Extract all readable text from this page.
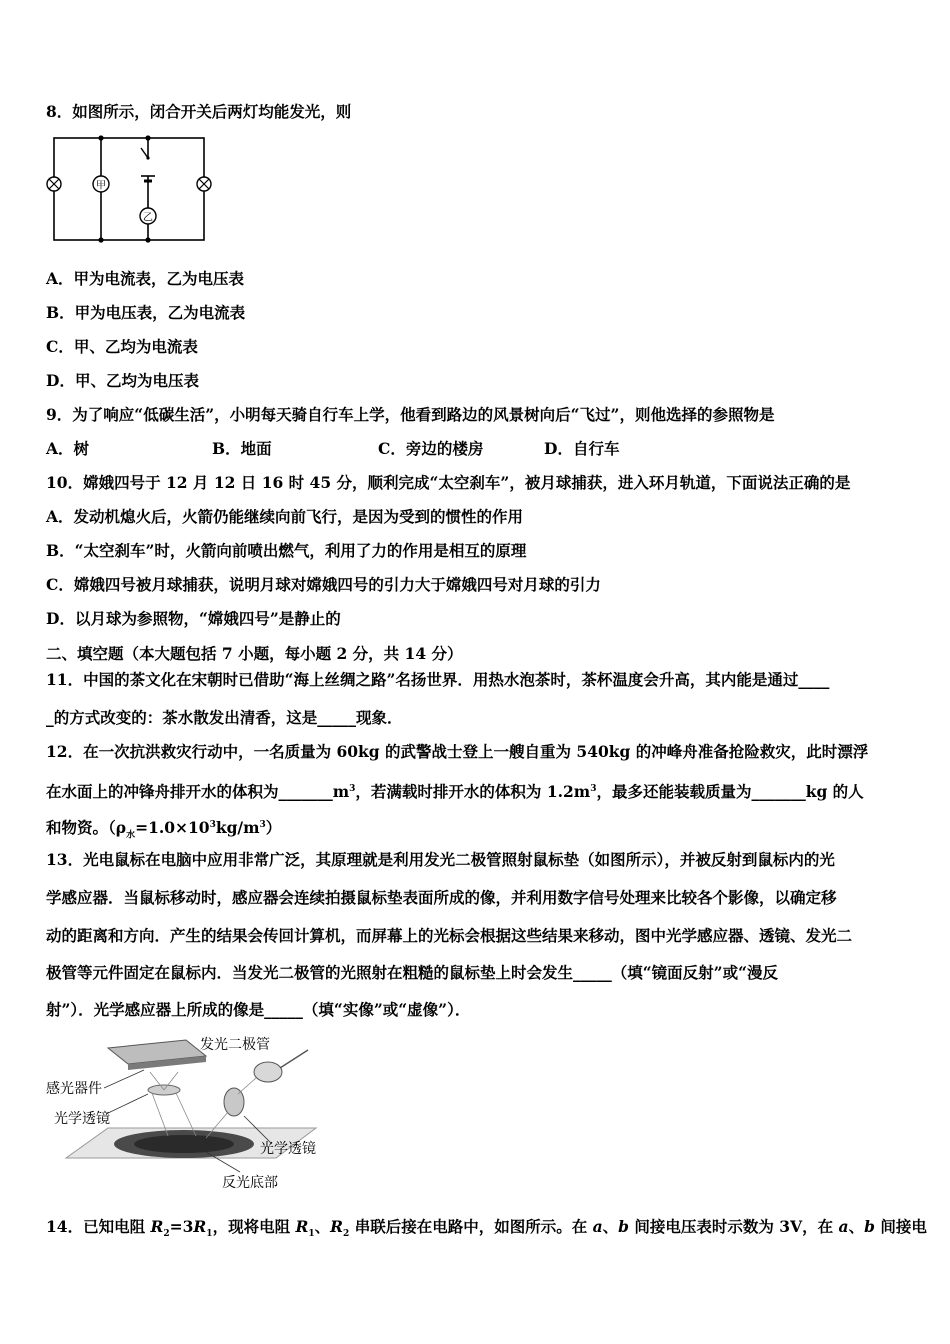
8．如图所示，闭合开关后两灯均能发光，则
甲
乙
A．甲为电流表，乙为电压表
B．甲为电压表，乙为电流表
C．甲、乙均为电流表
D．甲、乙均为电压表
9．为了响应“低碳生活”，小明每天骑自行车上学，他看到路边的风景树向后“飞过”，则他选择的参照物是
A．树	B．地面	C．旁边的楼房	D．自行车
10．嫦娥四号于 12 月 12 日 16 时 45 分，顺利完成“太空刹车”，被月球捕获，进入环月轨道，下面说法正确的是
A．发动机熄火后，火箭仍能继续向前飞行，是因为受到的惯性的作用
B．“太空刹车”时，火箭向前喷出燃气，利用了力的作用是相互的原理
C．嫦娥四号被月球捕获，说明月球对嫦娥四号的引力大于嫦娥四号对月球的引力
D．以月球为参照物，“嫦娥四号”是静止的
二、填空题（本大题包括 7 小题，每小题 2 分，共 14 分）
11．中国的茶文化在宋朝时已借助“海上丝绸之路”名扬世界．用热水泡茶时，茶杯温度会升高，其内能是通过____
_的方式改变的：茶水散发出清香，这是_____现象．
12．在一次抗洪救灾行动中，一名质量为 60kg 的武警战士登上一艘自重为 540kg 的冲峰舟准备抢险救灾，此时漂浮
在水面上的冲锋舟排开水的体积为$\_\_\_\_\_\_\_m^3$，若满载时排开水的体积为 $1.2m^3$，最多还能装载质量为_______kg 的人
和物资。$(\rho_水=1.0\times 10^3kg/m^3)$
13．光电鼠标在电脑中应用非常广泛，其原理就是利用发光二极管照射鼠标垫（如图所示），并被反射到鼠标内的光
学感应器．当鼠标移动时，感应器会连续拍摄鼠标垫表面所成的像，并利用数字信号处理来比较各个影像，以确定移
动的距离和方向．产生的结果会传回计算机，而屏幕上的光标会根据这些结果来移动，图中光学感应器、透镜、发光二
极管等元件固定在鼠标内．当发光二极管的光照射在粗糙的鼠标垫上时会发生_____（填“镜面反射”或“漫反
射”）．光学感应器上所成的像是_____（填“实像”或“虚像”）．
发光二极管
感光器件
光学透镜
光学透镜
反光底部
14．已知电阻 $R_2=3R_1$，现将电阻 $R_1$、$R_2$ 串联后接在电路中，如图所示。在 a、b 间接电压表时示数为 3V，在 a、b 间接电
